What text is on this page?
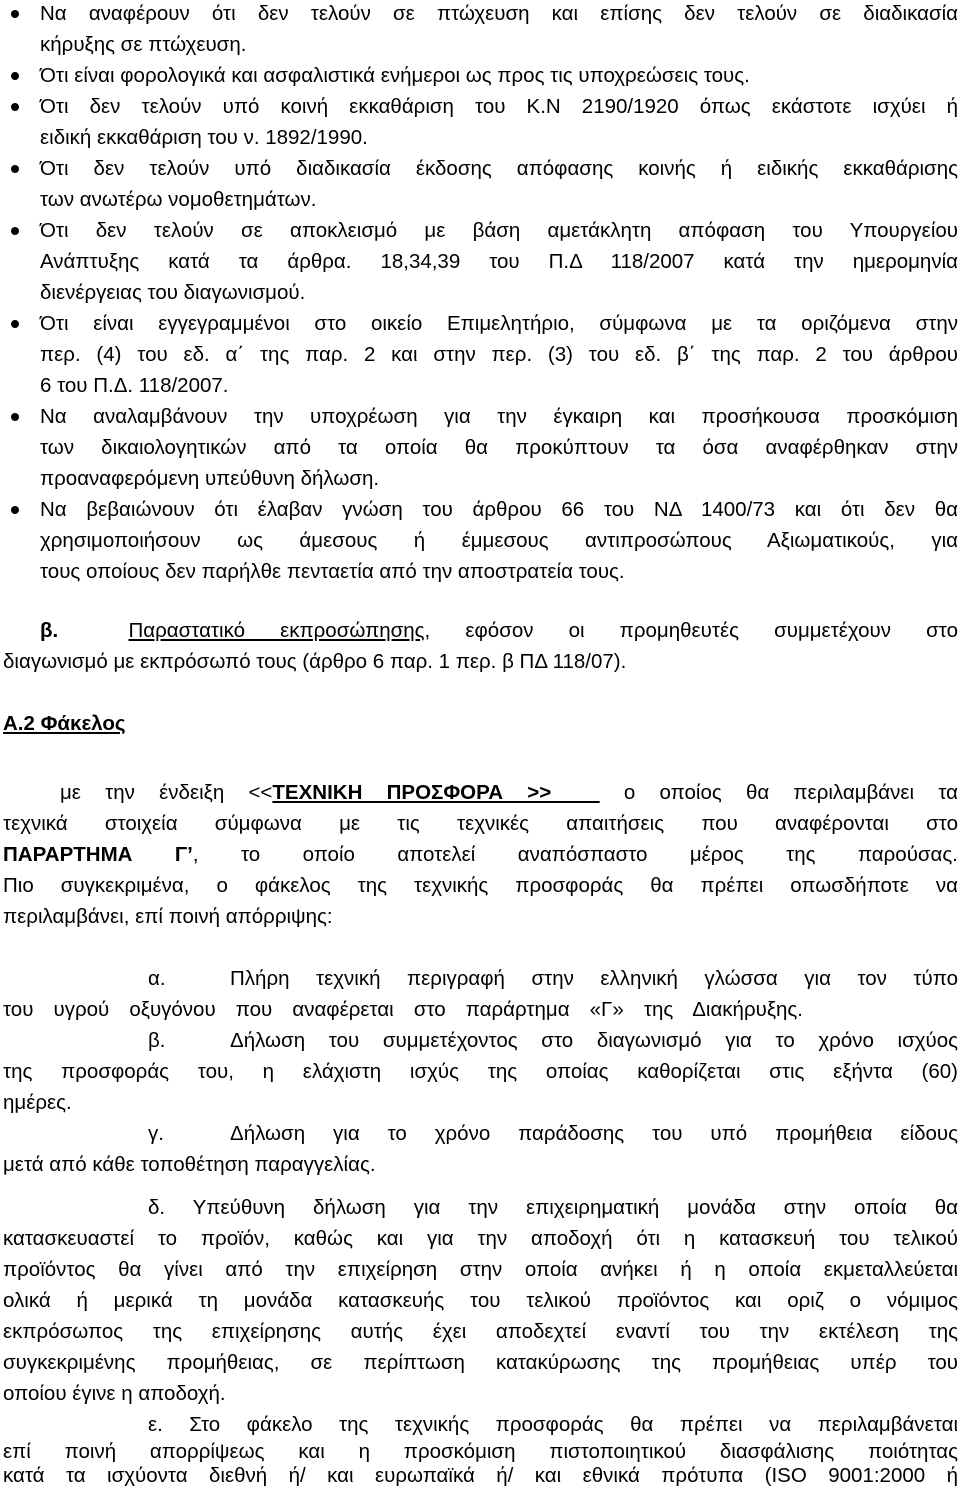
Να αναφέρουν ότι δεν τελούν σε πτώχευση και επίσης δεν τελούν σε διαδικασία
κήρυξης σε πτώχευση.
Ότι είναι φορολογικά και ασφαλιστικά ενήμεροι ως προς τις υποχρεώσεις τους.
Ότι δεν τελούν υπό κοινή εκκαθάριση του Κ.Ν 2190/1920 όπως εκάστοτε ισχύει ή
ειδική εκκαθάριση του ν. 1892/1990.
Ότι δεν τελούν υπό διαδικασία έκδοσης απόφασης κοινής ή ειδικής εκκαθάρισης
των ανωτέρω νομοθετημάτων.
Ότι δεν τελούν σε αποκλεισμό με βάση αμετάκλητη απόφαση του Υπουργείου
Ανάπτυξης κατά τα άρθρα. 18,34,39 του Π.Δ 118/2007 κατά την ημερομηνία
διενέργειας του διαγωνισμού.
Ότι είναι εγγεγραμμένοι στο οικείο Επιμελητήριο, σύμφωνα με τα οριζόμενα στην
περ. (4) του εδ. α΄ της παρ. 2 και στην περ. (3) του εδ. β΄ της παρ. 2 του άρθρου
6 του Π.Δ. 118/2007.
Να αναλαμβάνουν την υποχρέωση για την έγκαιρη και προσήκουσα προσκόμιση
των δικαιολογητικών από τα οποία θα προκύπτουν τα όσα αναφέρθηκαν στην
προαναφερόμενη υπεύθυνη δήλωση.
Να βεβαιώνουν ότι έλαβαν γνώση του άρθρου 66 του ΝΔ 1400/73 και ότι δεν θα
χρησιμοποιήσουν ως άμεσους ή έμμεσους αντιπροσώπους Αξιωματικούς, για
τους οποίους δεν παρήλθε πενταετία από την αποστρατεία τους.
β.	Παραστατικό εκπροσώπησης, εφόσον οι προμηθευτές συμμετέχουν στο
διαγωνισμό με εκπρόσωπό τους (άρθρο 6 παρ. 1 περ. β ΠΔ 118/07).
Α.2 Φάκελος
με την ένδειξη <<ΤΕΧΝΙΚΗ ΠΡΟΣΦΟΡΑ >>   ο οποίος θα περιλαμβάνει τα
τεχνικά στοιχεία σύμφωνα με τις τεχνικές απαιτήσεις που αναφέρονται στο
ΠΑΡΑΡΤΗΜΑ Γ’, το οποίο αποτελεί αναπόσπαστο μέρος της παρούσας.
Πιο συγκεκριμένα, ο φάκελος της τεχνικής προσφοράς θα πρέπει οπωσδήποτε να
περιλαμβάνει, επί ποινή απόρριψης:
α.	Πλήρη τεχνική περιγραφή στην ελληνική γλώσσα για τον τύπο
του υγρού οξυγόνου που αναφέρεται στο παράρτημα «Γ» της Διακήρυξης.
β.	Δήλωση του συμμετέχοντος στο διαγωνισμό για το χρόνο ισχύος
της προσφοράς του, η ελάχιστη ισχύς της οποίας καθορίζεται στις εξήντα (60)
ημέρες.
γ.	Δήλωση για το χρόνο παράδοσης του υπό προμήθεια είδους
μετά από κάθε τοποθέτηση παραγγελίας.
δ. Υπεύθυνη δήλωση για την επιχειρηματική μονάδα στην οποία θα
κατασκευαστεί το προϊόν, καθώς και για την αποδοχή ότι η κατασκευή του τελικού
προϊόντος θα γίνει από την επιχείρηση στην οποία ανήκει ή η οποία εκμεταλλεύεται
ολικά ή μερικά τη μονάδα κατασκευής του τελικού προϊόντος και οριζ ο νόμιμος
εκπρόσωπος της επιχείρησης αυτής έχει αποδεχτεί εναντί του την εκτέλεση της
συγκεκριμένης προμήθειας, σε περίπτωση κατακύρωσης της προμήθειας υπέρ του
οποίου έγινε η αποδοχή.
ε. Στο φάκελο της τεχνικής προσφοράς θα πρέπει να περιλαμβάνεται
επί ποινή απορρίψεως και η προσκόμιση πιστοποιητικού διασφάλισης ποιότητας
κατά τα ισχύοντα διεθνή ή/ και ευρωπαϊκά ή/ και εθνικά πρότυπα (ISO 9001:2000 ή
